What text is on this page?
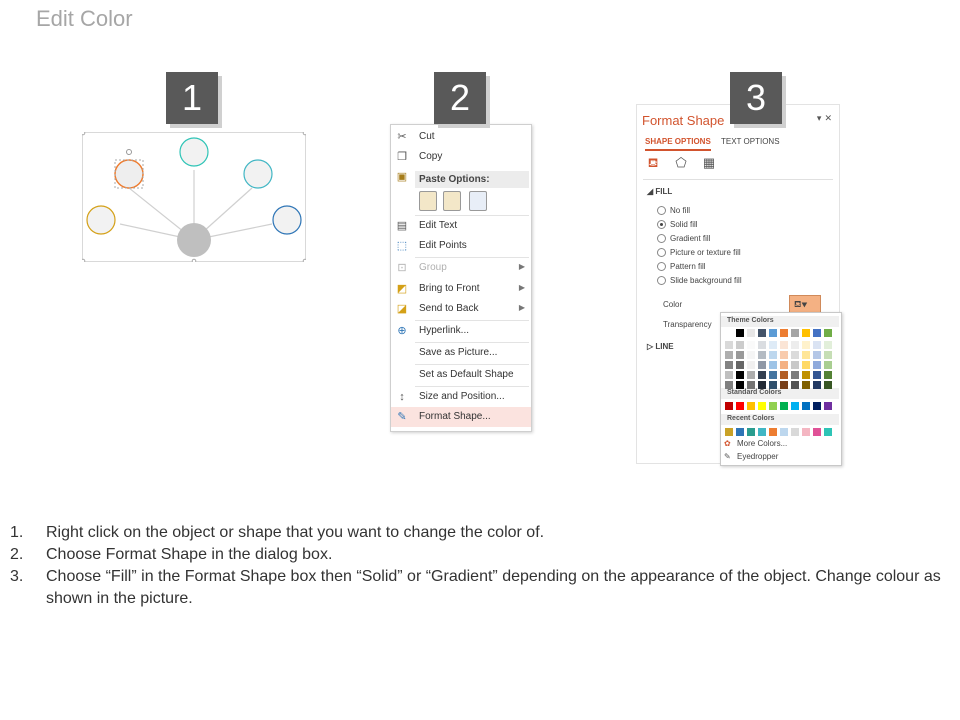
Edit Color
1	2	3
✂ Cut
❐ Copy
▣ Paste Options:
▤ Edit Text
⬚ Edit Points
⊡ Group	▶
◩ Bring to Front	▶
◪ Send to Back	▶
⊕ Hyperlink...
Save as Picture...
Set as Default Shape
↕	Size and Position...
✎ Format Shape...
Format Shape	▾✕
SHAPE OPTIONS TEXT OPTIONS
⛾ ⬠ ▦
◢ FILL
No fill
Solid fill
Gradient fill
Picture or texture fill
Pattern fill
Slide background fill
Color	⛾▾
Transparency
▷ LINE
Theme Colors
Standard Colors
Recent Colors
✿ More Colors...
✎ Eyedropper
1. Right click on the object or shape that you want to change the color of.
2. Choose Format Shape in the dialog box.
3. Choose “Fill” in the Format Shape box then “Solid” or “Gradient” depending on the appearance of the object. Change colour as shown in the picture.
